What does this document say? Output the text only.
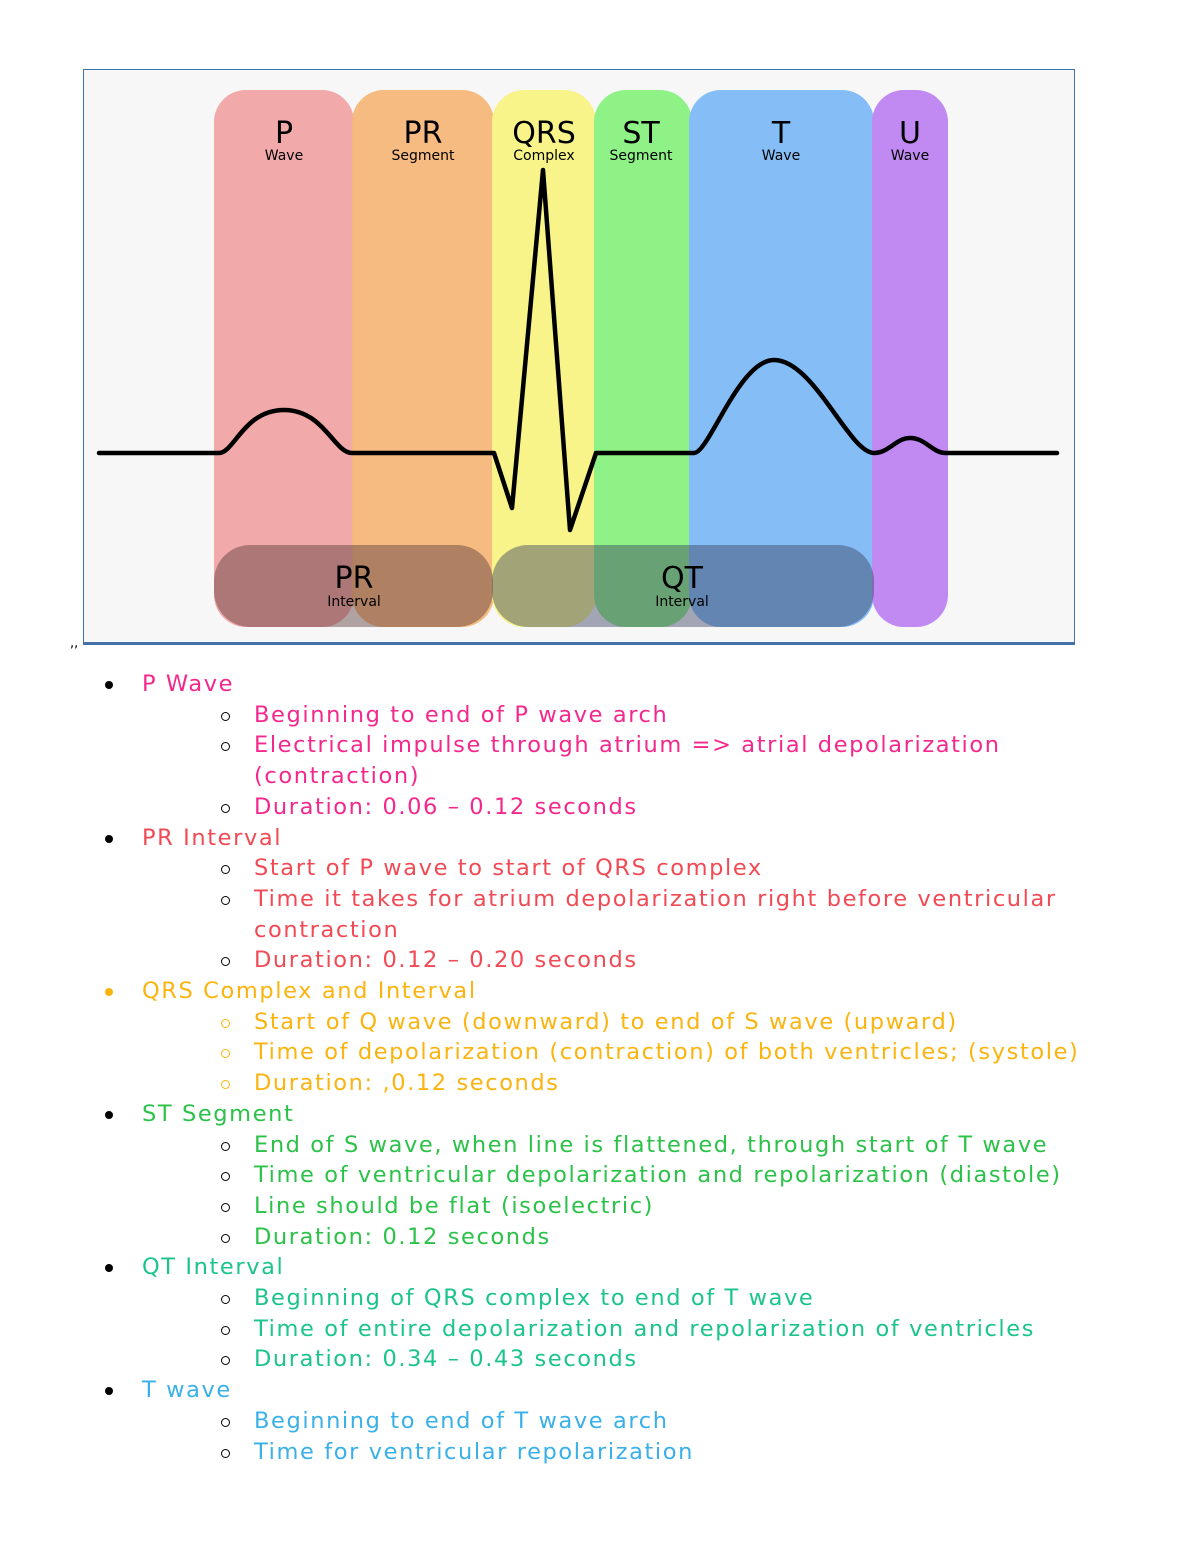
P
Wave
PR
Segment
QRS
Complex
ST
Segment
T
Wave
U
Wave
PR
Interval
QT
Interval
,,
P Wave
Beginning to end of P wave arch
Electrical impulse through atrium => atrial depolarization
(contraction)
Duration: 0.06 – 0.12 seconds
PR Interval
Start of P wave to start of QRS complex
Time it takes for atrium depolarization right before ventricular
contraction
Duration: 0.12 – 0.20 seconds
QRS Complex and Interval
Start of Q wave (downward) to end of S wave (upward)
Time of depolarization (contraction) of both ventricles; (systole)
Duration: ,0.12 seconds
ST Segment
End of S wave, when line is flattened, through start of T wave
Time of ventricular depolarization and repolarization (diastole)
Line should be flat (isoelectric)
Duration: 0.12 seconds
QT Interval
Beginning of QRS complex to end of T wave
Time of entire depolarization and repolarization of ventricles
Duration: 0.34 – 0.43 seconds
T wave
Beginning to end of T wave arch
Time for ventricular repolarization
